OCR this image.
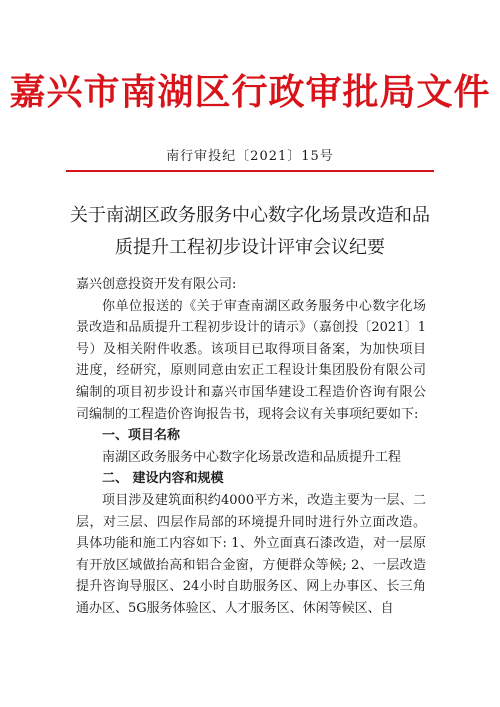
嘉兴市南湖区行政审批局文件
南行审投纪〔2021〕15号
关于南湖区政务服务中心数字化场景改造和品
质提升工程初步设计评审会议纪要
嘉兴创意投资开发有限公司:
你单位报送的《关于审查南湖区政务服务中心数字化场景改造和品质提升工程初步设计的请示》（嘉创投〔2021〕1号）及相关附件收悉。该项目已取得项目备案，为加快项目进度，经研究，原则同意由宏正工程设计集团股份有限公司编制的项目初步设计和嘉兴市国华建设工程造价咨询有限公司编制的工程造价咨询报告书，现将会议有关事项纪要如下:
一、项目名称
南湖区政务服务中心数字化场景改造和品质提升工程
二、 建设内容和规模
项目涉及建筑面积约4000平方米，改造主要为一层、二层，对三层、四层作局部的环境提升同时进行外立面改造。具体功能和施工内容如下: 1、外立面真石漆改造，对一层原有开放区域做抬高和铝合金窗，方便群众等候; 2、一层改造提升咨询导服区、24小时自助服务区、网上办事区、长三角通办区、5G服务体验区、人才服务区、休闲等候区、自
